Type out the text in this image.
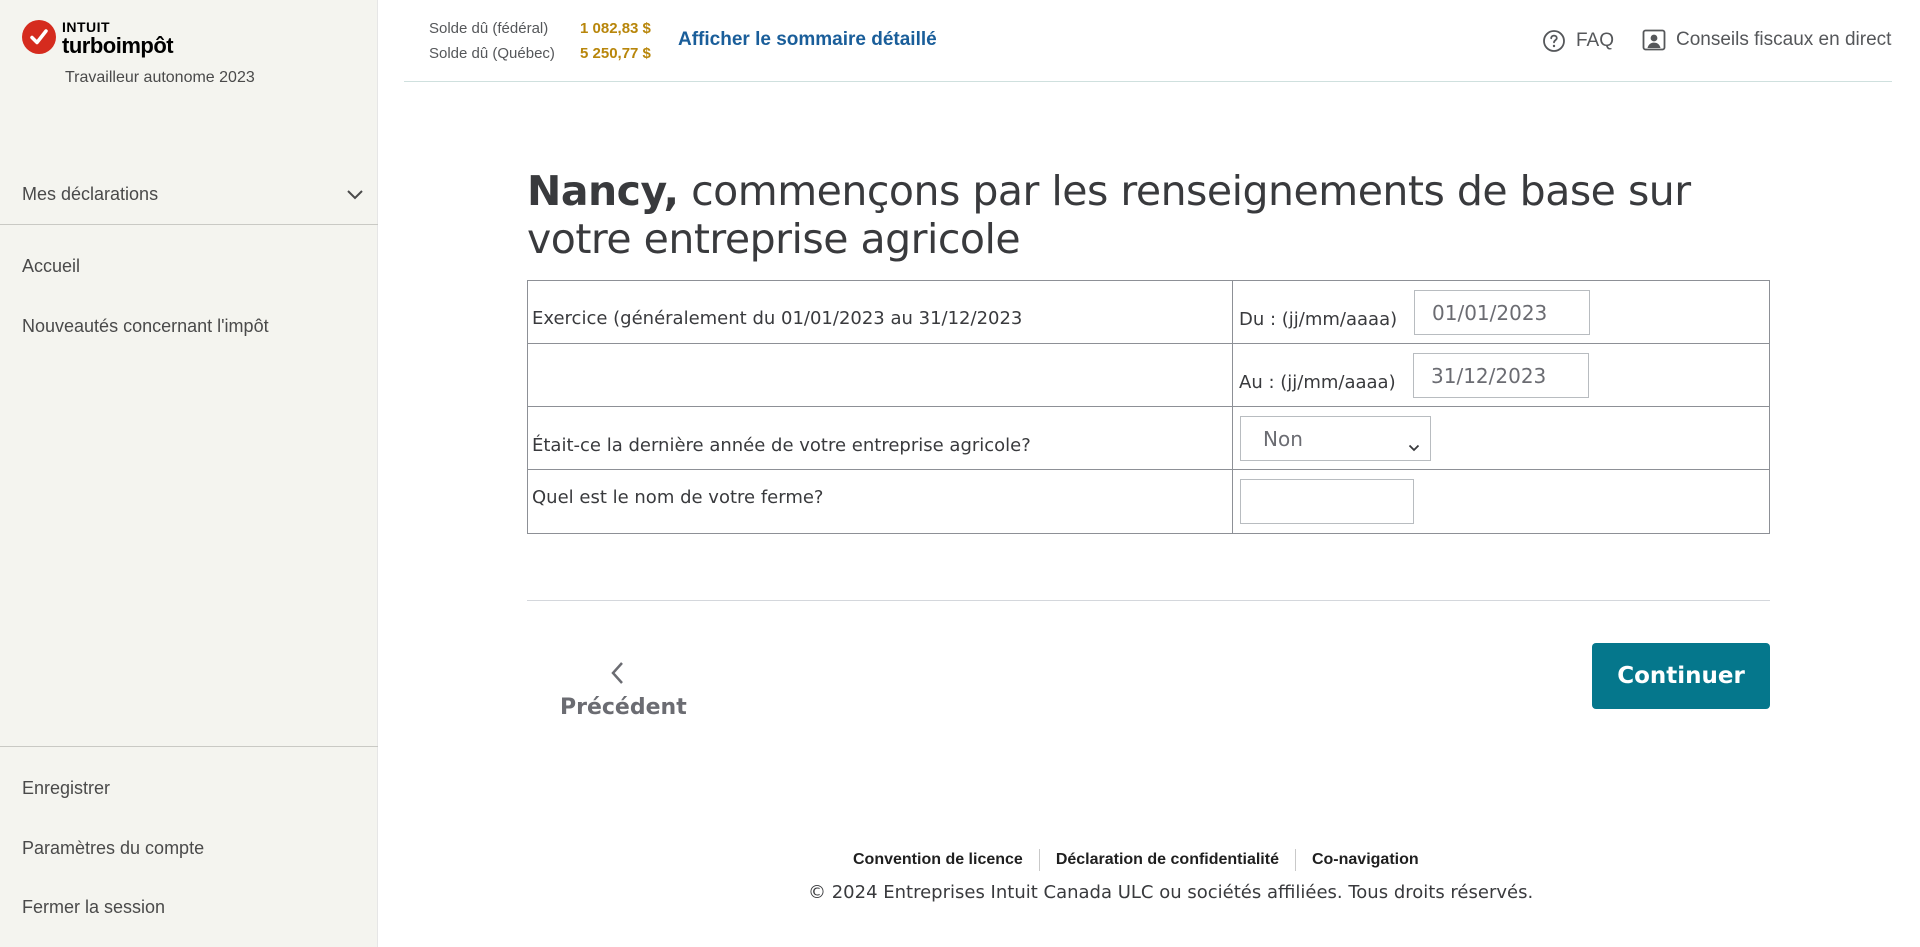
INTUIT
turboimpôt
Travailleur autonome 2023
Mes déclarations
Accueil
Nouveautés concernant l'impôt
Enregistrer
Paramètres du compte
Fermer la session
Solde dû (fédéral) 1 082,83 $
Solde dû (Québec) 5 250,77 $
Afficher le sommaire détaillé	FAQ	Conseils fiscaux en direct
Nancy, commençons par les renseignements de base sur votre entreprise agricole
Exercice (généralement du 01/01/2023 au 31/12/2023	Du : (jj/mm/aaaa)	01/01/2023
Au : (jj/mm/aaaa)	31/12/2023
Était-ce la dernière année de votre entreprise agricole?	Non
Quel est le nom de votre ferme?
Précédent
Continuer
Convention de licence Déclaration de confidentialité Co-navigation
© 2024 Entreprises Intuit Canada ULC ou sociétés affiliées. Tous droits réservés.
